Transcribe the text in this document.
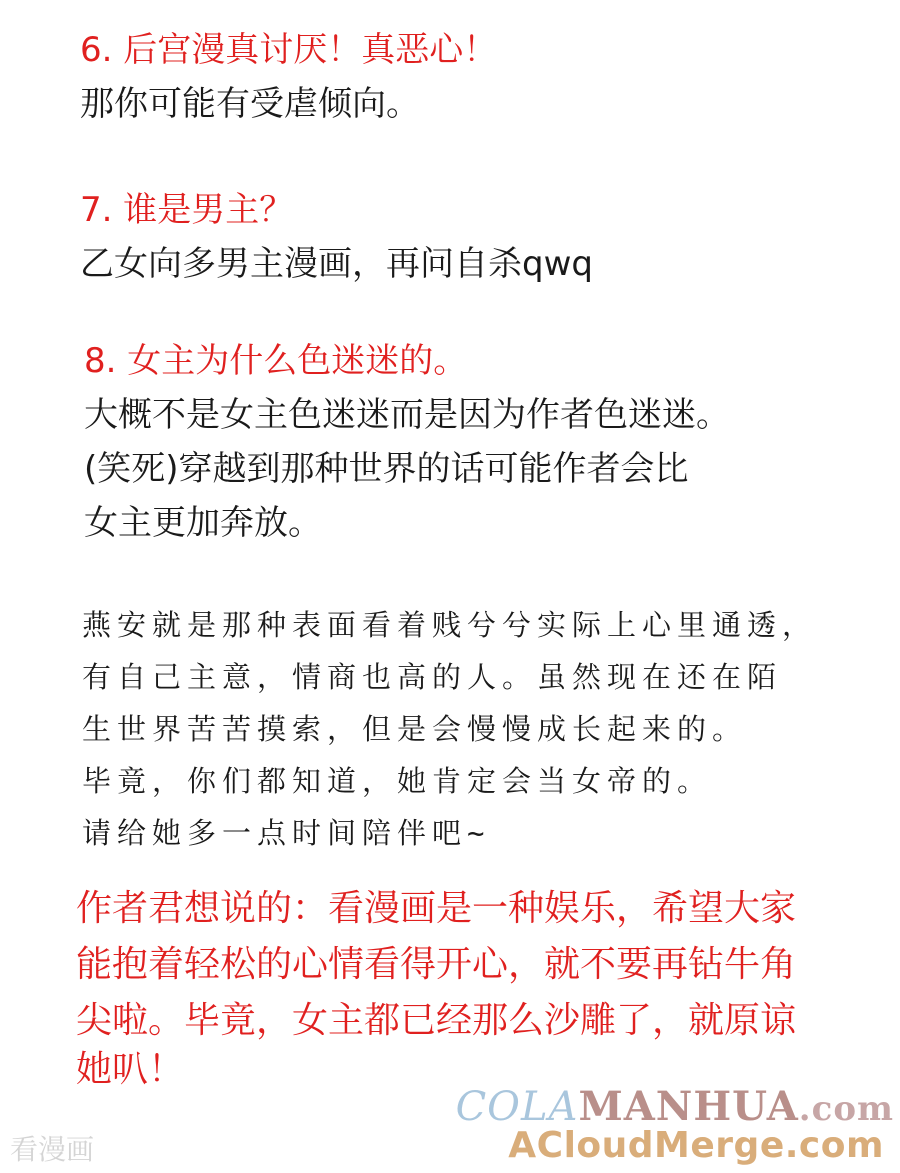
6. 后宫漫真讨厌！真恶心！
那你可能有受虐倾向。
7. 谁是男主？
乙女向多男主漫画，再问自杀qwq
8. 女主为什么色迷迷的。
大概不是女主色迷迷而是因为作者色迷迷。
(笑死)穿越到那种世界的话可能作者会比
女主更加奔放。
燕安就是那种表面看着贱兮兮实际上心里通透，
有自己主意，情商也高的人。虽然现在还在陌
生世界苦苦摸索，但是会慢慢成长起来的。
毕竟，你们都知道，她肯定会当女帝的。
请给她多一点时间陪伴吧~
作者君想说的：看漫画是一种娱乐，希望大家
能抱着轻松的心情看得开心，就不要再钻牛角
尖啦。毕竟，女主都已经那么沙雕了，就原谅
她叭！
看漫画
COLAMANHUA.com
ACloudMerge.com
